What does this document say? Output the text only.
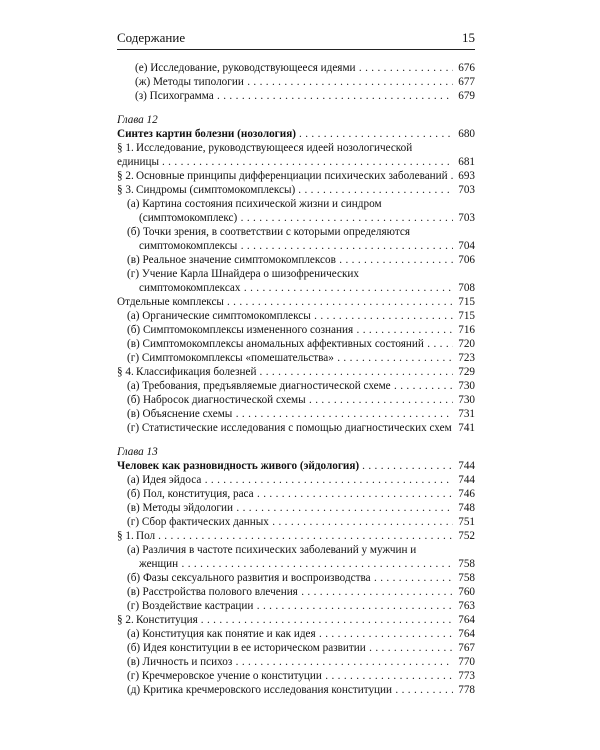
Содержание	15
(е) Исследование, руководствующееся идеями . . .	676
(ж) Методы типологии . . .	677
(з) Психограмма . . .	679
Глава 12
Синтез картин болезни (нозология) . . .	680
§ 1. Исследование, руководствующееся идеей нозологической единицы . . .	681
§ 2. Основные принципы дифференциации психических заболеваний . . . 693
§ 3. Синдромы (симптомокомплексы) . . .	703
(а) Картина состояния психической жизни и синдром (симптомокомплекс) . . .	703
(б) Точки зрения, в соответствии с которыми определяются симптомокомплексы . . .	704
(в) Реальное значение симптомокомплексов . . .	706
(г) Учение Карла Шнайдера о шизофренических симптомокомплексах . . .	708
Отдельные комплексы . . .	715
(а) Органические симптомокомплексы . . .	715
(б) Симптомокомплексы измененного сознания . . .	716
(в) Симптомокомплексы аномальных аффективных состояний . . .	720
(г) Симптомокомплексы «помешательства» . . .	723
§ 4. Классификация болезней . . .	729
(а) Требования, предъявляемые диагностической схеме . . .	730
(б) Набросок диагностической схемы . . .	730
(в) Объяснение схемы . . .	731
(г) Статистические исследования с помощью диагностических схем . . . 741
Глава 13
Человек как разновидность живого (эйдология) . . .	744
(а) Идея эйдоса . . .	744
(б) Пол, конституция, раса . . .	746
(в) Методы эйдологии . . .	748
(г) Сбор фактических данных . . .	751
§ 1. Пол . . .	752
(а) Различия в частоте психических заболеваний у мужчин и женщин . . .	758
(б) Фазы сексуального развития и воспроизводства . . .	758
(в) Расстройства полового влечения . . .	760
(г) Воздействие кастрации . . .	763
§ 2. Конституция . . .	764
(а) Конституция как понятие и как идея . . .	764
(б) Идея конституции в ее историческом развитии . . .	767
(в) Личность и психоз . . .	770
(г) Кречмеровское учение о конституции . . .	773
(д) Критика кречмеровского исследования конституции . . .	778
